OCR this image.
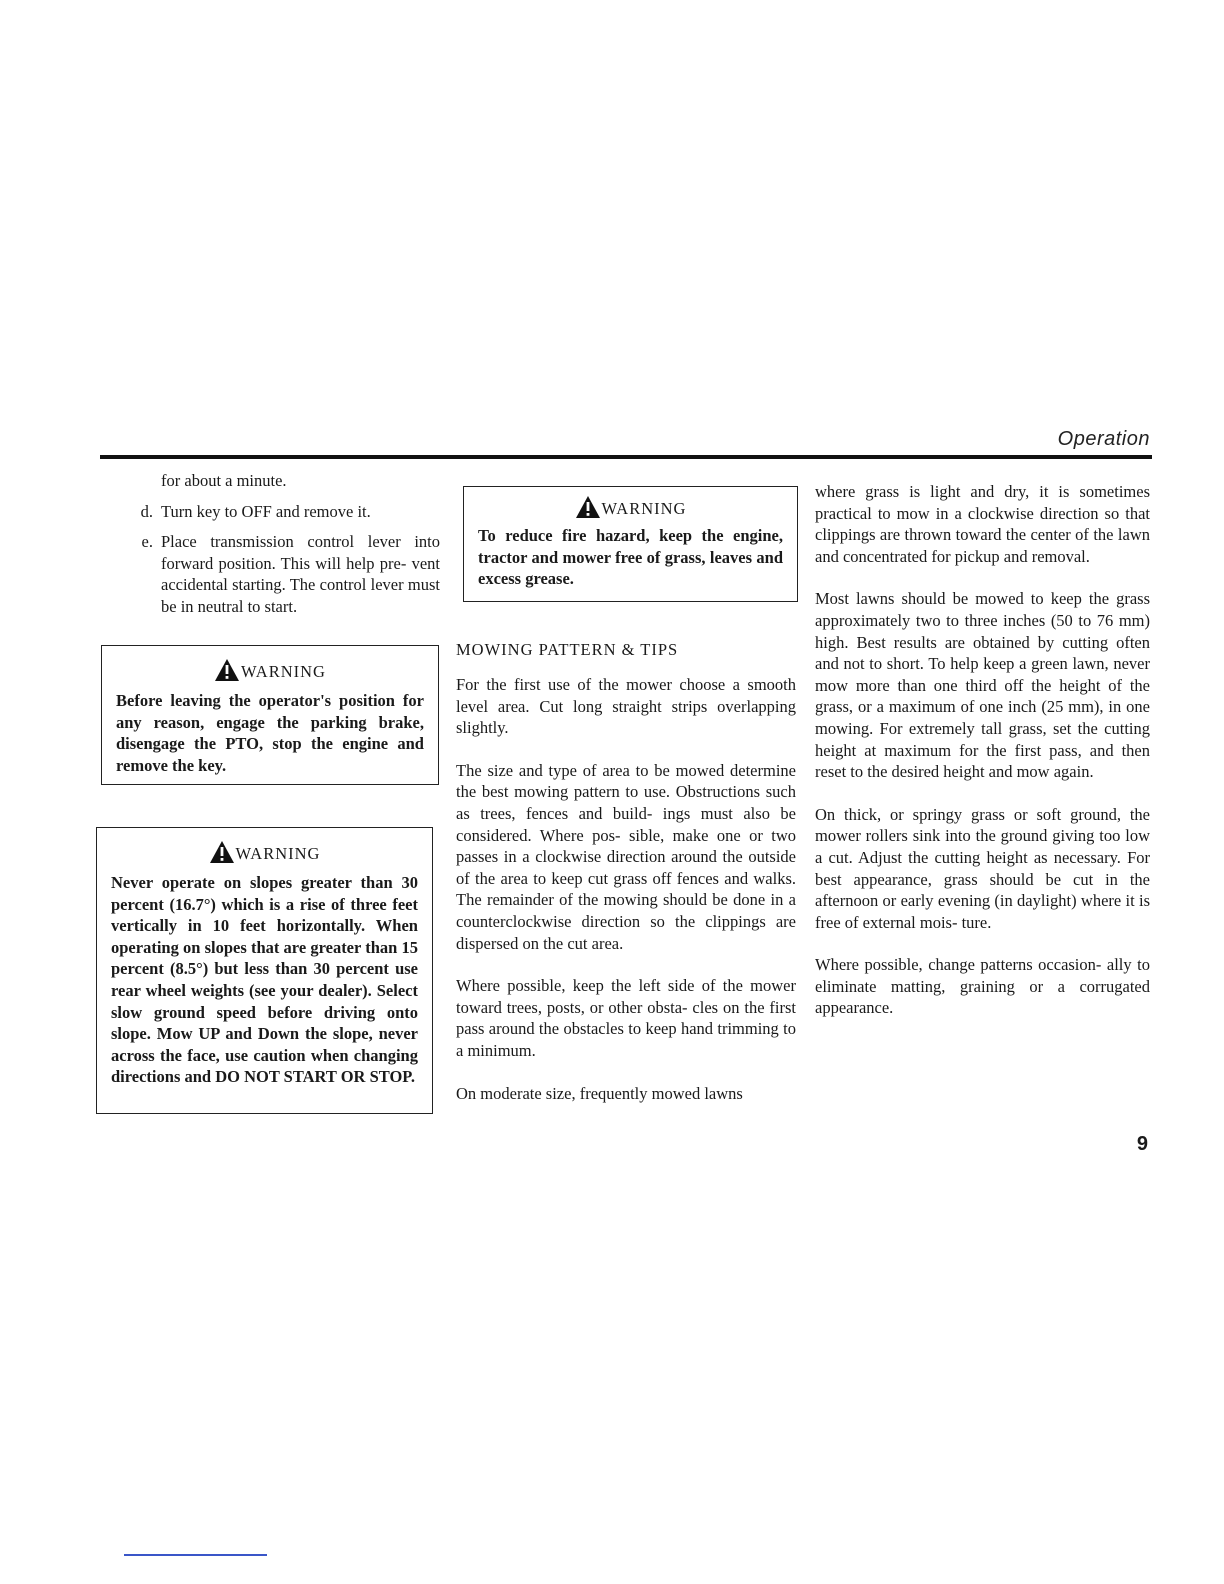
Operation

for about a minute.

d. Turn key to OFF and remove it.
e. Place transmission control lever into forward position. This will help pre- vent accidental starting. The control lever must be in neutral to start.
WARNING
Before leaving the operator's position for any reason, engage the parking brake, disengage the PTO, stop the engine and remove the key.
WARNING
Never operate on slopes greater than 30 percent (16.7°) which is a rise of three feet vertically in 10 feet horizontally. When operating on slopes that are greater than 15 percent (8.5°) but less than 30 percent use rear wheel weights (see your dealer). Select slow ground speed before driving onto slope. Mow UP and Down the slope, never across the face, use caution when changing directions and DO NOT START OR STOP.
WARNING
To reduce fire hazard, keep the engine, tractor and mower free of grass, leaves and excess grease.
MOWING PATTERN & TIPS

For the first use of the mower choose a smooth level area. Cut long straight strips overlapping slightly.

The size and type of area to be mowed determine the best mowing pattern to use. Obstructions such as trees, fences and build- ings must also be considered. Where pos- sible, make one or two passes in a clockwise direction around the outside of the area to keep cut grass off fences and walks. The remainder of the mowing should be done in a counterclockwise direction so the clippings are dispersed on the cut area.

Where possible, keep the left side of the mower toward trees, posts, or other obsta- cles on the first pass around the obstacles to keep hand trimming to a minimum.

On moderate size, frequently mowed lawns

where grass is light and dry, it is sometimes practical to mow in a clockwise direction so that clippings are thrown toward the center of the lawn and concentrated for pickup and removal.

Most lawns should be mowed to keep the grass approximately two to three inches (50 to 76 mm) high. Best results are obtained by cutting often and not to short. To help keep a green lawn, never mow more than one third off the height of the grass, or a maximum of one inch (25 mm), in one mowing. For extremely tall grass, set the cutting height at maximum for the first pass, and then reset to the desired height and mow again.

On thick, or springy grass or soft ground, the mower rollers sink into the ground giving too low a cut. Adjust the cutting height as necessary. For best appearance, grass should be cut in the afternoon or early evening (in daylight) where it is free of external mois- ture.

Where possible, change patterns occasion- ally to eliminate matting, graining or a corrugated appearance.

9
